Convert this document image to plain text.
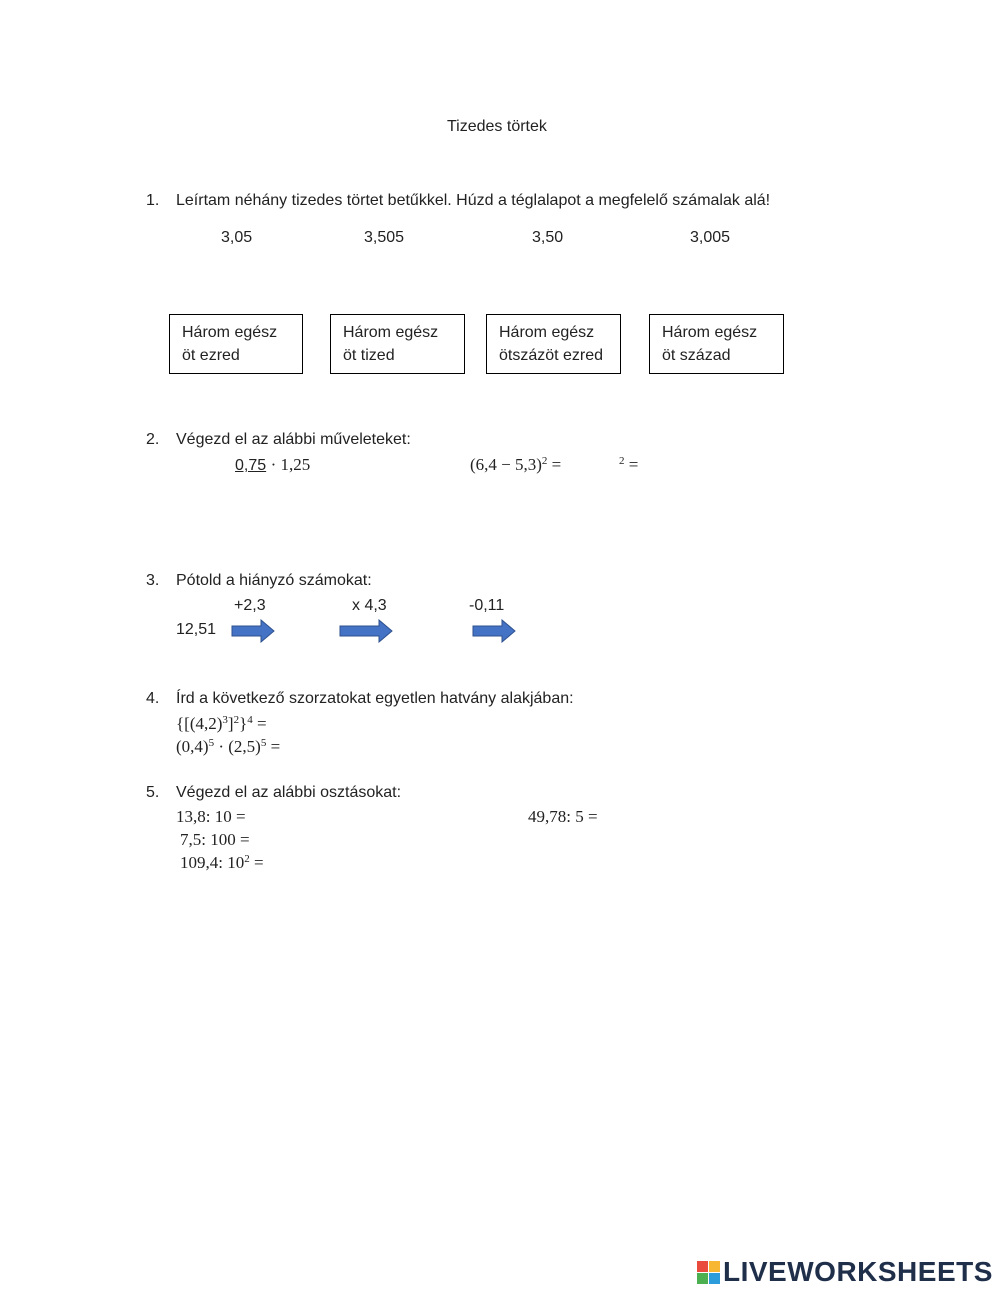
Tizedes törtek
1. Leírtam néhány tizedes törtet betűkkel. Húzd a téglalapot a megfelelő számalak alá!
3,05	3,505	3,50	3,005
Három egész
öt ezred
Három egész
öt tized
Három egész
ötszázöt ezred
Három egész
öt század
2. Végezd el az alábbi műveleteket:
0,75 · 1,25	$(6,4 - 5,3)^2$ =	$^2$ =
3. Pótold a hiányzó számokat:
+2,3	x 4,3	-0,11
12,51
4. Írd a következő szorzatokat egyetlen hatvány alakjában:
$\{[(4,2)^3]^2\}^4$ =
$(0,4)^5 \cdot (2,5)^5$ =
5. Végezd el az alábbi osztásokat:
13,8: 10 =
7,5: 100 =
109,4: $10^2$ =
49,78: 5 =
LIVEWORKSHEETS
